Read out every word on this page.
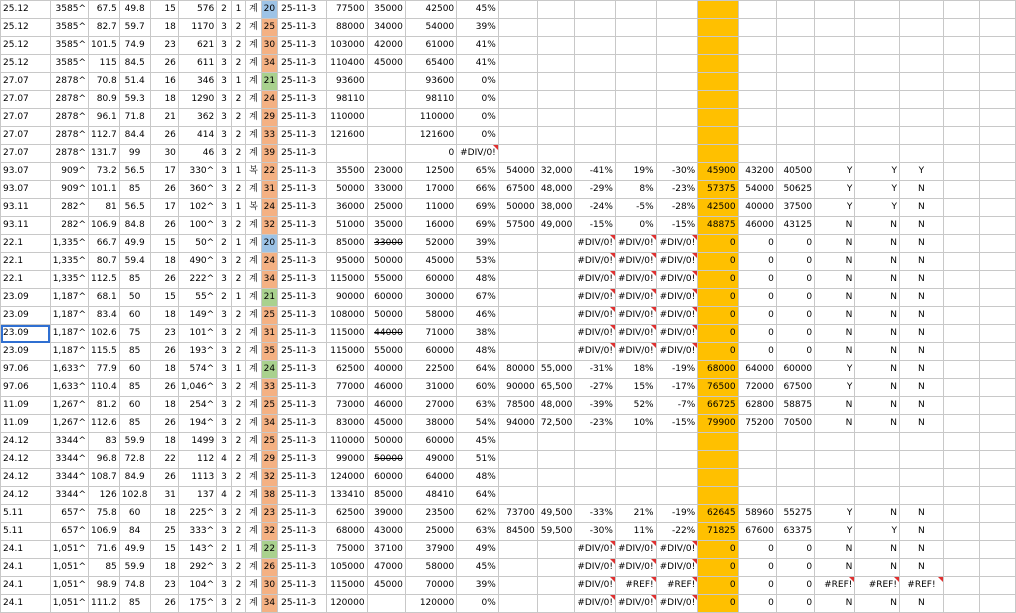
25.12	3585^	67.5	49.8	15	576	2	1	계	20	25-11-3	77500	35000	42500	45%													
25.12	3585^	82.7	59.7	18	1170	3	2	계	25	25-11-3	88000	34000	54000	39%													
25.12	3585^	101.5	74.9	23	621	3	2	계	30	25-11-3	103000	42000	61000	41%													
25.12	3585^	115	84.5	26	611	3	2	계	34	25-11-3	110400	45000	65400	41%													
27.07	2878^	70.8	51.4	16	346	3	1	계	21	25-11-3	93600		93600	0%													
27.07	2878^	80.9	59.3	18	1290	3	2	계	24	25-11-3	98110		98110	0%													
27.07	2878^	96.1	71.8	21	362	3	2	계	29	25-11-3	110000		110000	0%													
27.07	2878^	112.7	84.4	26	414	3	2	계	33	25-11-3	121600		121600	0%													
27.07	2878^	131.7	99	30	46	3	2	계	39	25-11-3			0	#DIV/0!													
93.07	909^	73.2	56.5	17	330^	3	1	복	22	25-11-3	35500	23000	12500	65%	54000	32,000	-41%	19%	-30%	45900	43200	40500	Y	Y	Y		
93.07	909^	101.1	85	26	360^	3	2	계	31	25-11-3	50000	33000	17000	66%	67500	48,000	-29%	8%	-23%	57375	54000	50625	Y	Y	N		
93.11	282^	81	56.5	17	102^	3	1	복	24	25-11-3	36000	25000	11000	69%	50000	38,000	-24%	-5%	-28%	42500	40000	37500	Y	Y	N		
93.11	282^	106.9	84.8	26	100^	3	2	계	32	25-11-3	51000	35000	16000	69%	57500	49,000	-15%	0%	-15%	48875	46000	43125	N	N	N		
22.1	1,335^	66.7	49.9	15	50^	2	1	계	20	25-11-3	85000	33000	52000	39%			#DIV/0!	#DIV/0!	#DIV/0!	0	0	0	N	N	N		
22.1	1,335^	80.7	59.4	18	490^	3	2	계	24	25-11-3	95000	50000	45000	53%			#DIV/0!	#DIV/0!	#DIV/0!	0	0	0	N	N	N		
22.1	1,335^	112.5	85	26	222^	3	2	계	34	25-11-3	115000	55000	60000	48%			#DIV/0!	#DIV/0!	#DIV/0!	0	0	0	N	N	N		
23.09	1,187^	68.1	50	15	55^	2	1	계	21	25-11-3	90000	60000	30000	67%			#DIV/0!	#DIV/0!	#DIV/0!	0	0	0	N	N	N		
23.09	1,187^	83.4	60	18	149^	3	2	계	25	25-11-3	108000	50000	58000	46%			#DIV/0!	#DIV/0!	#DIV/0!	0	0	0	N	N	N		
23.09	1,187^	102.6	75	23	101^	3	2	계	31	25-11-3	115000	44000	71000	38%			#DIV/0!	#DIV/0!	#DIV/0!	0	0	0	N	N	N		
23.09	1,187^	115.5	85	26	193^	3	2	계	35	25-11-3	115000	55000	60000	48%			#DIV/0!	#DIV/0!	#DIV/0!	0	0	0	N	N	N		
97.06	1,633^	77.9	60	18	574^	3	1	계	24	25-11-3	62500	40000	22500	64%	80000	55,000	-31%	18%	-19%	68000	64000	60000	Y	N	N		
97.06	1,633^	110.4	85	26	1,046^	3	2	계	33	25-11-3	77000	46000	31000	60%	90000	65,500	-27%	15%	-17%	76500	72000	67500	Y	N	N		
11.09	1,267^	81.2	60	18	254^	3	2	계	25	25-11-3	73000	46000	27000	63%	78500	48,000	-39%	52%	-7%	66725	62800	58875	N	N	N		
11.09	1,267^	112.6	85	26	194^	3	2	계	34	25-11-3	83000	45000	38000	54%	94000	72,500	-23%	10%	-15%	79900	75200	70500	N	N	N		
24.12	3344^	83	59.9	18	1499	3	2	계	25	25-11-3	110000	50000	60000	45%													
24.12	3344^	96.8	72.8	22	112	4	2	계	29	25-11-3	99000	50000	49000	51%													
24.12	3344^	108.7	84.9	26	1113	3	2	계	32	25-11-3	124000	60000	64000	48%													
24.12	3344^	126	102.8	31	137	4	2	계	38	25-11-3	133410	85000	48410	64%													
5.11	657^	75.8	60	18	225^	3	2	계	23	25-11-3	62500	39000	23500	62%	73700	49,500	-33%	21%	-19%	62645	58960	55275	Y	N	N		
5.11	657^	106.9	84	25	333^	3	2	계	32	25-11-3	68000	43000	25000	63%	84500	59,500	-30%	11%	-22%	71825	67600	63375	Y	Y	N		
24.1	1,051^	71.6	49.9	15	143^	2	1	계	22	25-11-3	75000	37100	37900	49%			#DIV/0!	#DIV/0!	#DIV/0!	0	0	0	N	N	N		
24.1	1,051^	85	59.9	18	292^	3	2	계	26	25-11-3	105000	47000	58000	45%			#DIV/0!	#DIV/0!	#DIV/0!	0	0	0	N	N	N		
24.1	1,051^	98.9	74.8	23	104^	3	2	계	30	25-11-3	115000	45000	70000	39%			#DIV/0!	#REF!	#REF!	0	0	0	#REF!	#REF!	#REF!		
24.1	1,051^	111.2	85	26	175^	3	2	계	34	25-11-3	120000		120000	0%			#DIV/0!	#DIV/0!	#DIV/0!	0	0	0	N	N	N		
